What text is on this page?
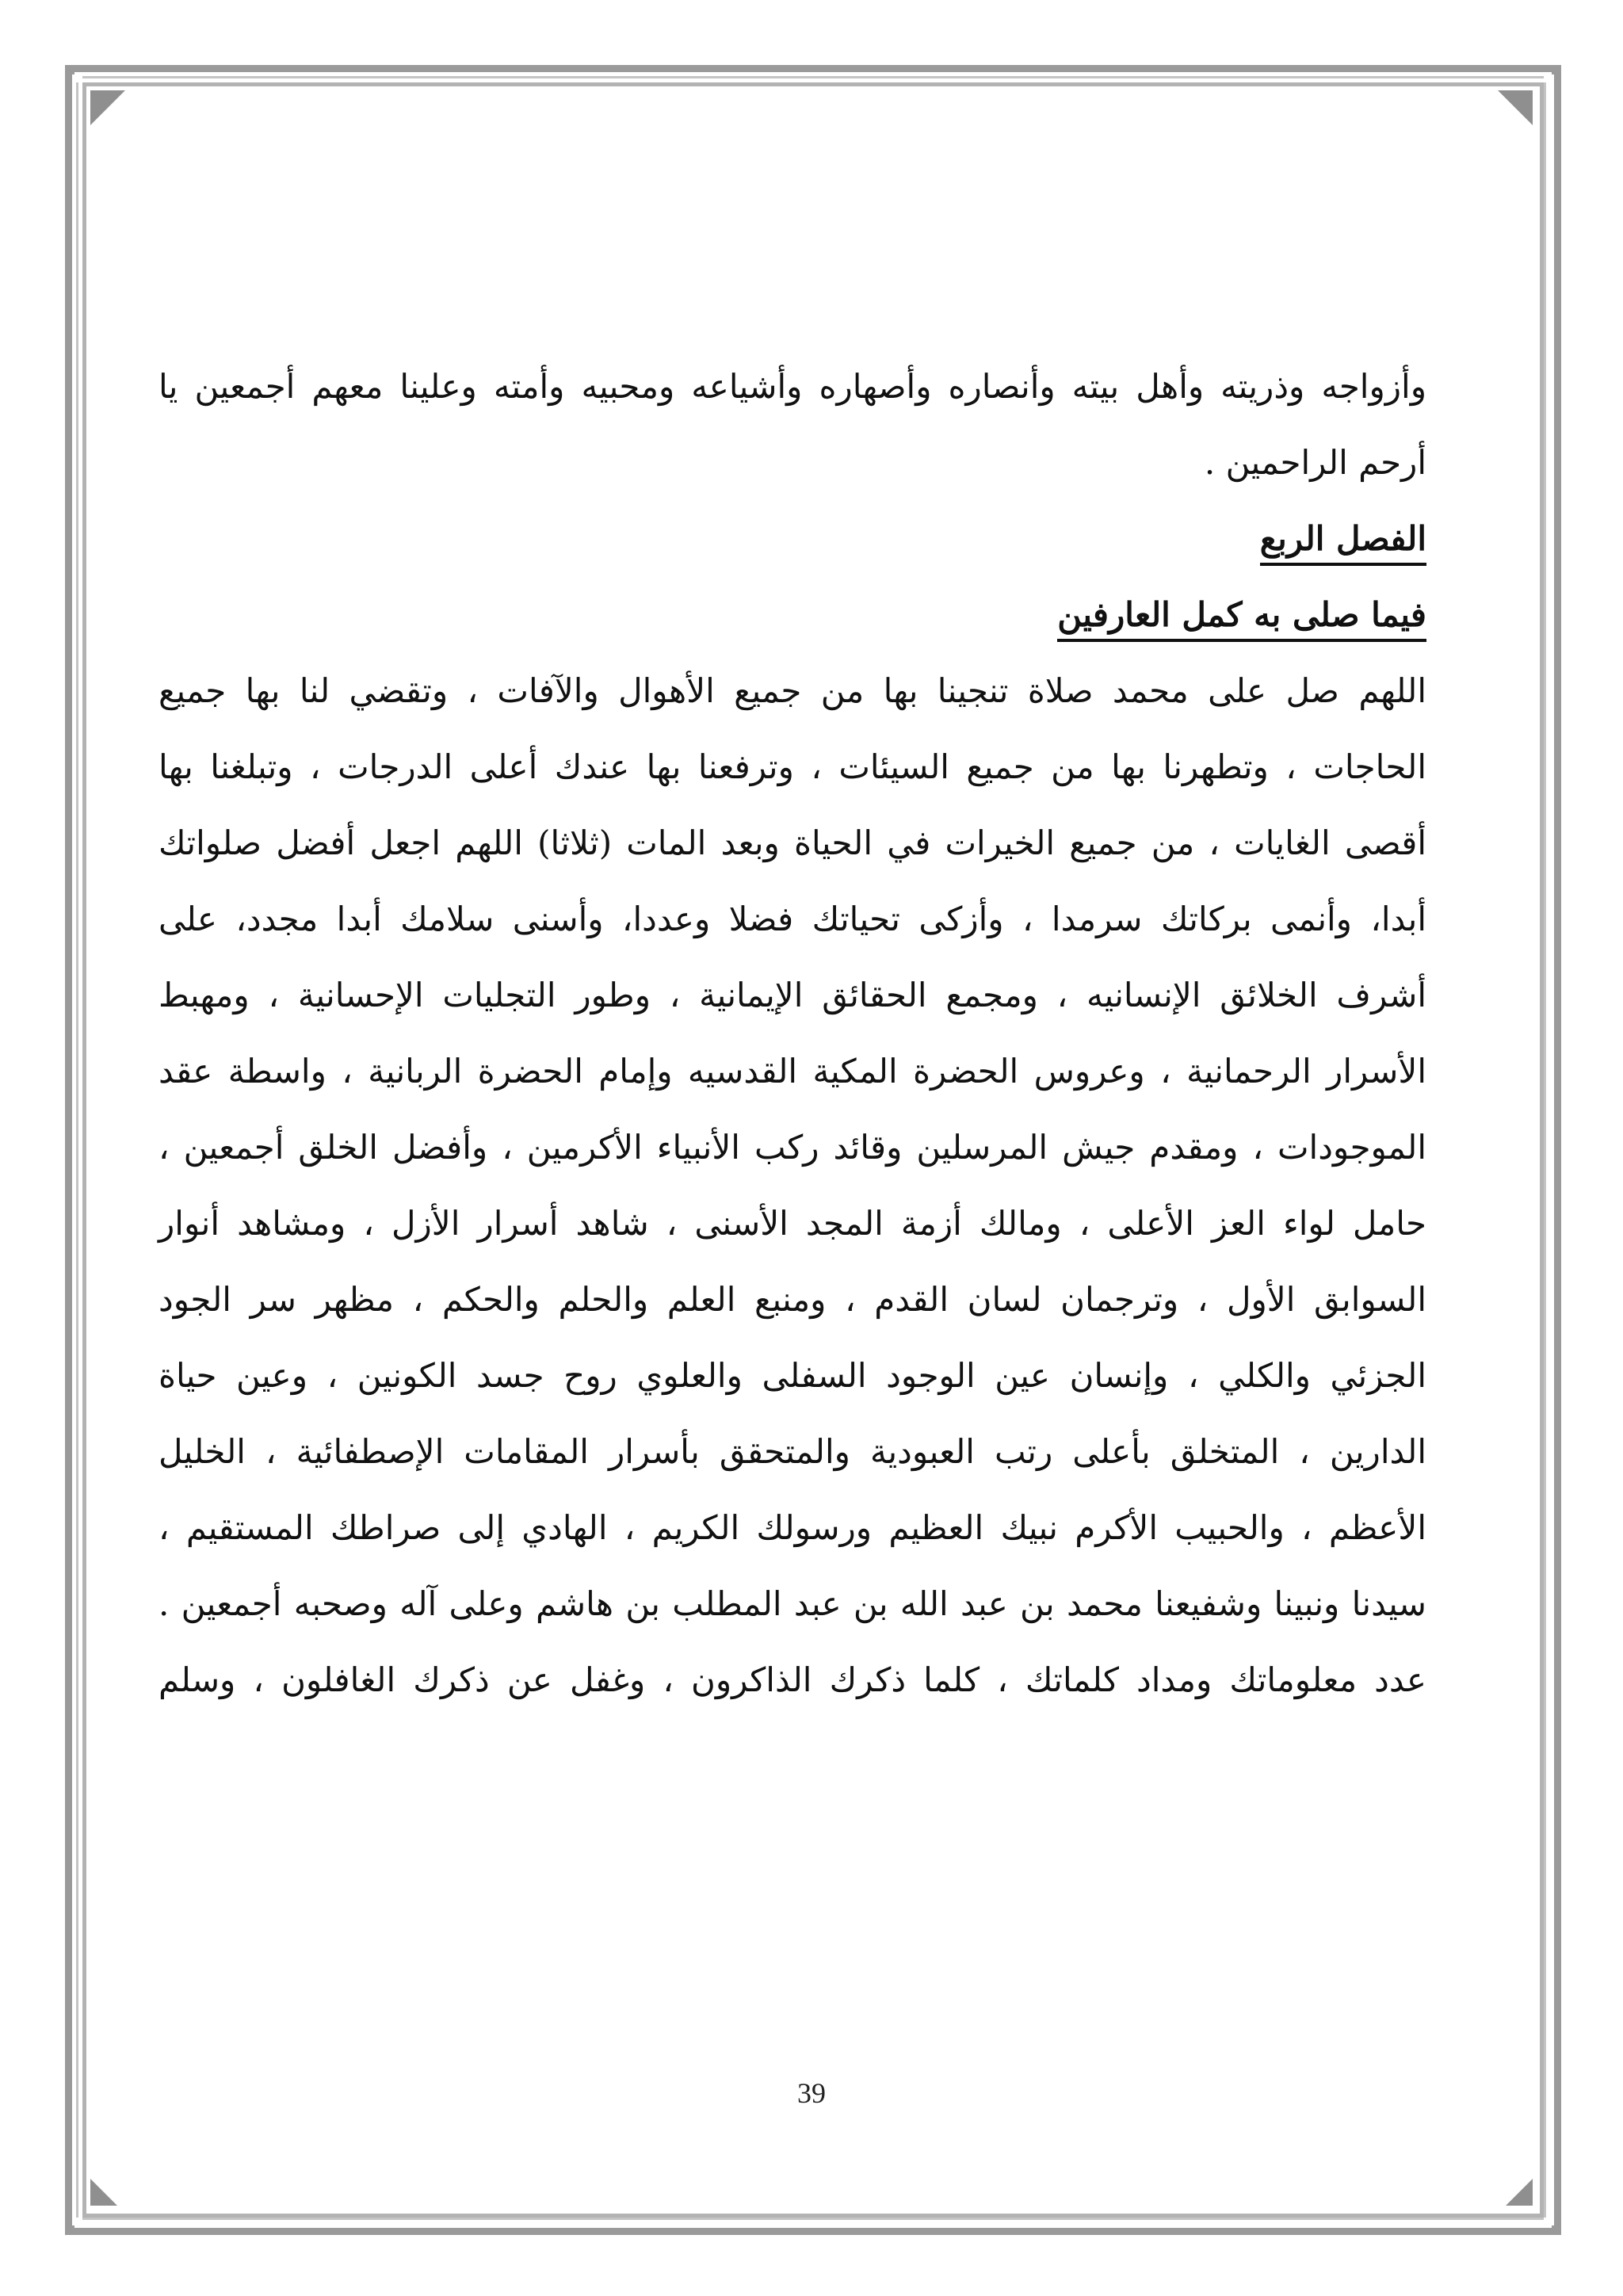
وأزواجه وذريته وأهل بيته وأنصاره وأصهاره وأشياعه ومحبيه وأمته وعلينا معهم أجمعين يا
أرحم الراحمين .
الفصل الربع
فيما صلى به كمل العارفين
اللهم صل على محمد صلاة تنجينا بها من جميع الأهوال والآفات ، وتقضي لنا بها جميع
الحاجات ، وتطهرنا بها من جميع السيئات ، وترفعنا بها عندك أعلى الدرجات ، وتبلغنا بها
أقصى الغايات ، من جميع الخيرات في الحياة وبعد المات (ثلاثا) اللهم اجعل أفضل صلواتك
أبدا، وأنمى بركاتك سرمدا ، وأزكى تحياتك فضلا وعددا، وأسنى سلامك أبدا مجدد، على
أشرف الخلائق الإنسانيه ، ومجمع الحقائق الإيمانية ، وطور التجليات الإحسانية ، ومهبط
الأسرار الرحمانية ، وعروس الحضرة المكية القدسيه وإمام الحضرة الربانية ، واسطة عقد
الموجودات ، ومقدم جيش المرسلين وقائد ركب الأنبياء الأكرمين ، وأفضل الخلق أجمعين ،
حامل لواء العز الأعلى ، ومالك أزمة المجد الأسنى ، شاهد أسرار الأزل ، ومشاهد أنوار
السوابق الأول ، وترجمان لسان القدم ، ومنبع العلم والحلم والحكم ، مظهر سر الجود
الجزئي والكلي ، وإنسان عين الوجود السفلى والعلوي روح جسد الكونين ، وعين حياة
الدارين ، المتخلق بأعلى رتب العبودية والمتحقق بأسرار المقامات الإصطفائية ، الخليل
الأعظم ، والحبيب الأكرم نبيك العظيم ورسولك الكريم ، الهادي إلى صراطك المستقيم ،
سيدنا ونبينا وشفيعنا محمد بن عبد الله بن عبد المطلب بن هاشم وعلى آله وصحبه أجمعين .
عدد معلوماتك ومداد كلماتك ، كلما ذكرك الذاكرون ، وغفل عن ذكرك الغافلون ، وسلم
39
